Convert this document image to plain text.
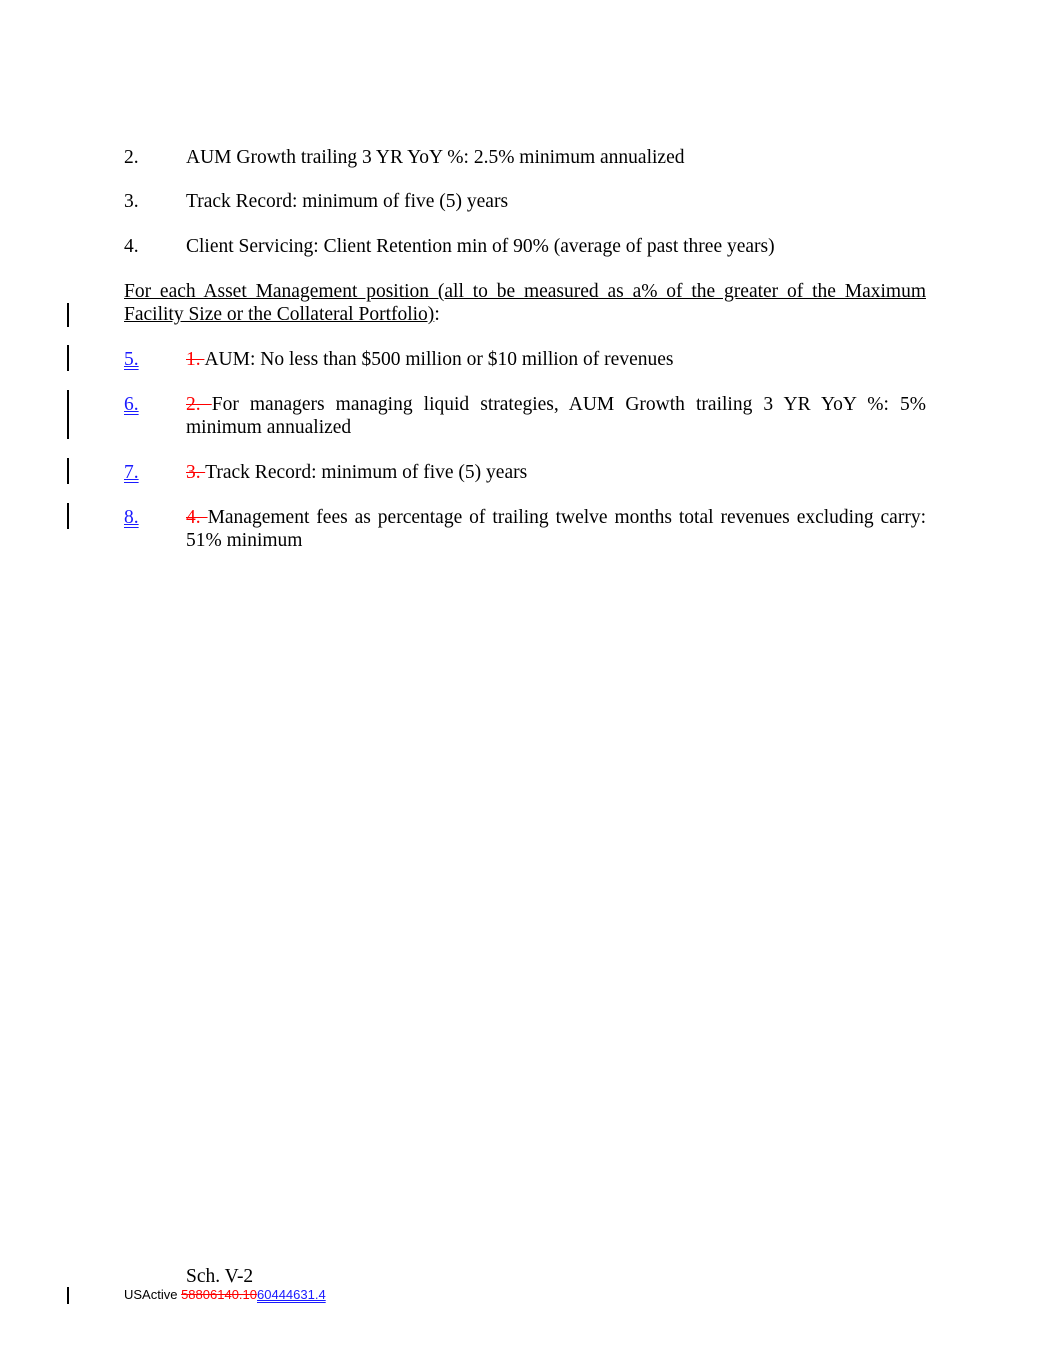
2. AUM Growth trailing 3 YR YoY %: 2.5% minimum annualized
3. Track Record: minimum of five (5) years
4. Client Servicing: Client Retention min of 90% (average of past three years)
For each Asset Management position (all to be measured as a% of the greater of the Maximum Facility Size or the Collateral Portfolio):
5. 1. AUM: No less than $500 million or $10 million of revenues
6. 2. For managers managing liquid strategies, AUM Growth trailing 3 YR YoY %: 5% minimum annualized
7. 3. Track Record: minimum of five (5) years
8. 4. Management fees as percentage of trailing twelve months total revenues excluding carry: 51% minimum
Sch. V-2
USActive 58806140.1060444631.4
